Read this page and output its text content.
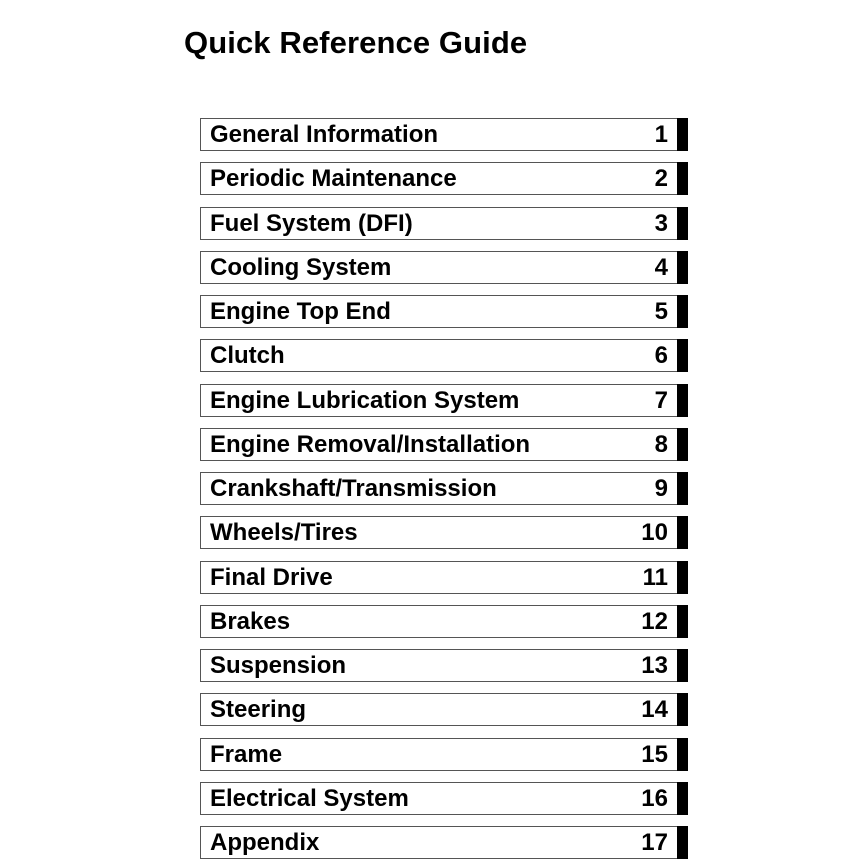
Quick Reference Guide
General Information	1
Periodic Maintenance	2
Fuel System (DFI)	3
Cooling System	4
Engine Top End	5
Clutch	6
Engine Lubrication System	7
Engine Removal/Installation	8
Crankshaft/Transmission	9
Wheels/Tires	10
Final Drive	11
Brakes	12
Suspension	13
Steering	14
Frame	15
Electrical System	16
Appendix	17
